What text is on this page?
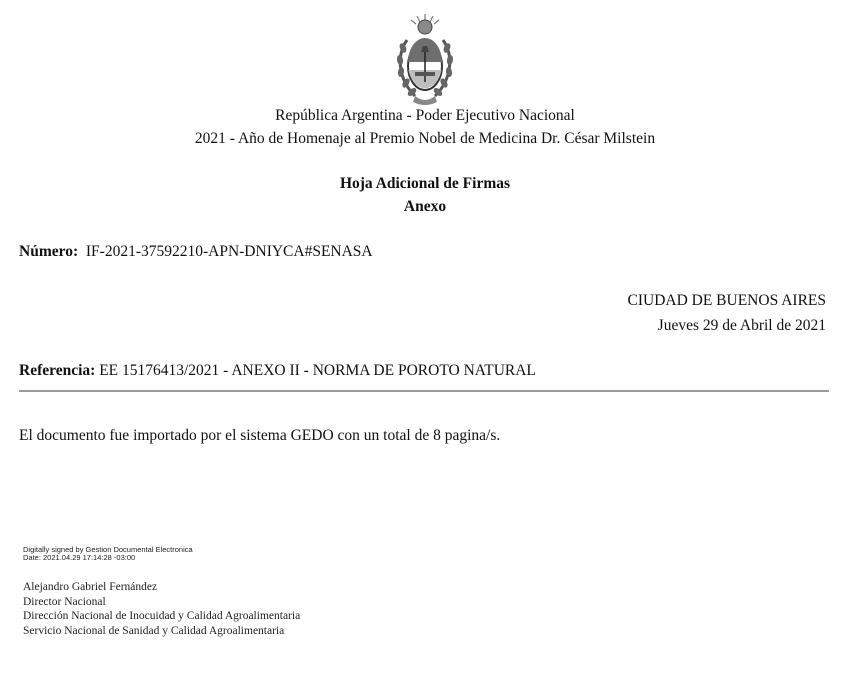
República Argentina - Poder Ejecutivo Nacional
2021 - Año de Homenaje al Premio Nobel de Medicina Dr. César Milstein
Hoja Adicional de Firmas
Anexo
Número: IF-2021-37592210-APN-DNIYCA#SENASA
CIUDAD DE BUENOS AIRES
Jueves 29 de Abril de 2021
Referencia: EE 15176413/2021 - ANEXO II - NORMA DE POROTO NATURAL
El documento fue importado por el sistema GEDO con un total de 8 pagina/s.
Digitally signed by Gestion Documental Electronica
Date: 2021.04.29 17:14:28 -03:00
Alejandro Gabriel Fernández
Director Nacional
Dirección Nacional de Inocuidad y Calidad Agroalimentaria
Servicio Nacional de Sanidad y Calidad Agroalimentaria
